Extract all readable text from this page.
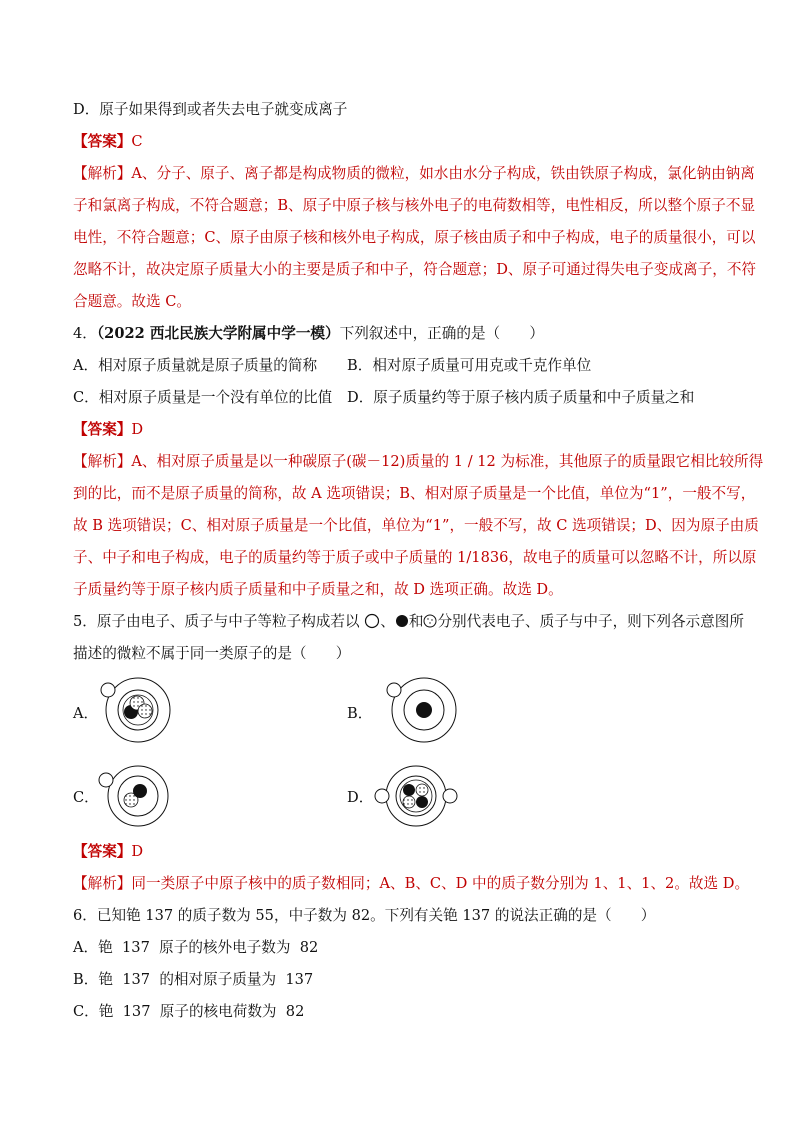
D．原子如果得到或者失去电子就变成离子
【答案】C
【解析】A、分子、原子、离子都是构成物质的微粒，如水由水分子构成，铁由铁原子构成，氯化钠由钠离
子和氯离子构成，不符合题意；B、原子中原子核与核外电子的电荷数相等，电性相反，所以整个原子不显
电性，不符合题意；C、原子由原子核和核外电子构成，原子核由质子和中子构成，电子的质量很小，可以
忽略不计，故决定原子质量大小的主要是质子和中子，符合题意；D、原子可通过得失电子变成离子，不符
合题意。故选 C。
4．（2022 西北民族大学附属中学一模）下列叙述中，正确的是（　　）
A．相对原子质量就是原子质量的简称 B．相对原子质量可用克或千克作单位
C．相对原子质量是一个没有单位的比值 D．原子质量约等于原子核内质子质量和中子质量之和
【答案】D
【解析】A、相对原子质量是以一种碳原子(碳－12)质量的 1 / 12 为标准，其他原子的质量跟它相比较所得
到的比，而不是原子质量的简称，故 A 选项错误；B、相对原子质量是一个比值，单位为“1”，一般不写，
故 B 选项错误；C、相对原子质量是一个比值，单位为“1”，一般不写，故 C 选项错误；D、因为原子由质
子、中子和电子构成，电子的质量约等于质子或中子质量的 1/1836，故电子的质量可以忽略不计，所以原
子质量约等于原子核内质子质量和中子质量之和，故 D 选项正确。故选 D。
5．原子由电子、质子与中子等粒子构成若以 、 和 分别代表电子、质子与中子，则下列各示意图所
描述的微粒不属于同一类原子的是（　　）
A．	B．
C．	D．
【答案】D
【解析】同一类原子中原子核中的质子数相同；A、B、C、D 中的质子数分别为 1、1、1、2。故选 D。
6．已知铯 137 的质子数为 55，中子数为 82。下列有关铯 137 的说法正确的是（　　）
A．铯  137  原子的核外电子数为  82
B．铯  137  的相对原子质量为  137
C．铯  137  原子的核电荷数为  82
